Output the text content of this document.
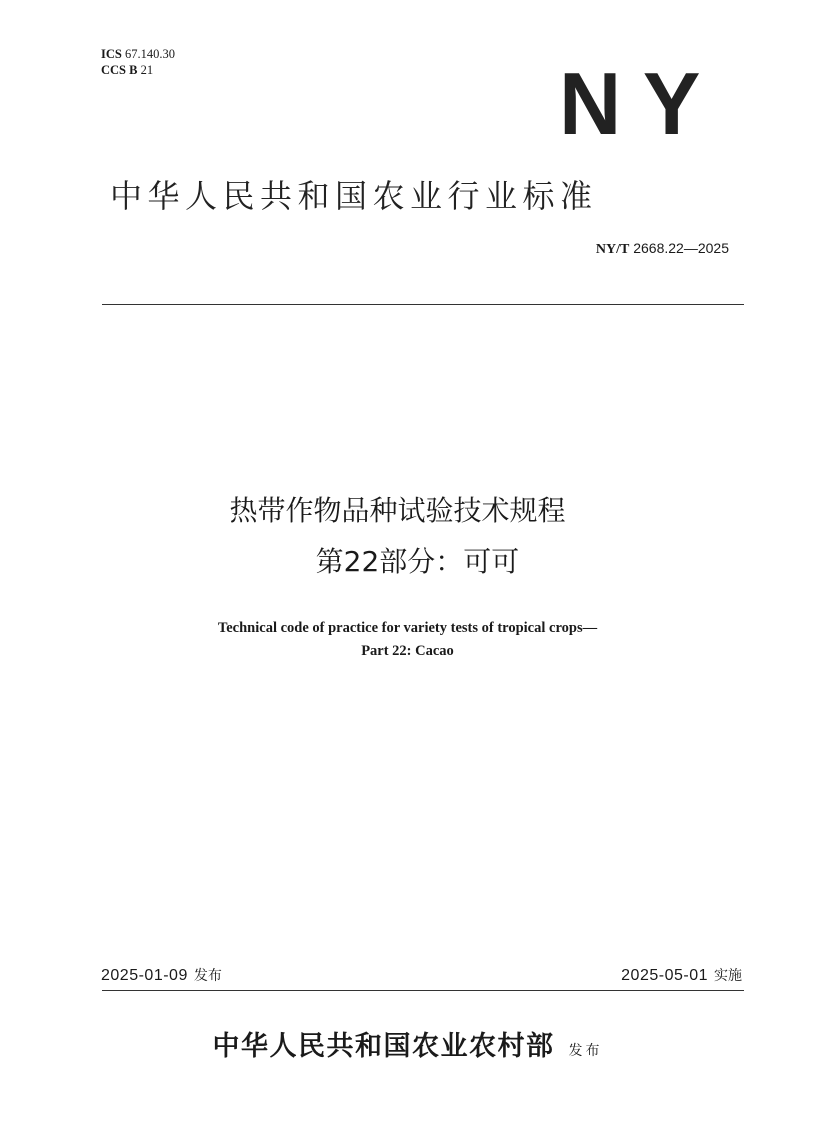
ICS 67.140.30
CCS B 21	NY
中华人民共和国农业行业标准
NY/T 2668.22—2025
热带作物品种试验技术规程
第22部分：可可
Technical code of practice for variety tests of tropical crops—
Part 22: Cacao
2025-01-09 发布	2025-05-01 实施
中华人民共和国农业农村部 发布
